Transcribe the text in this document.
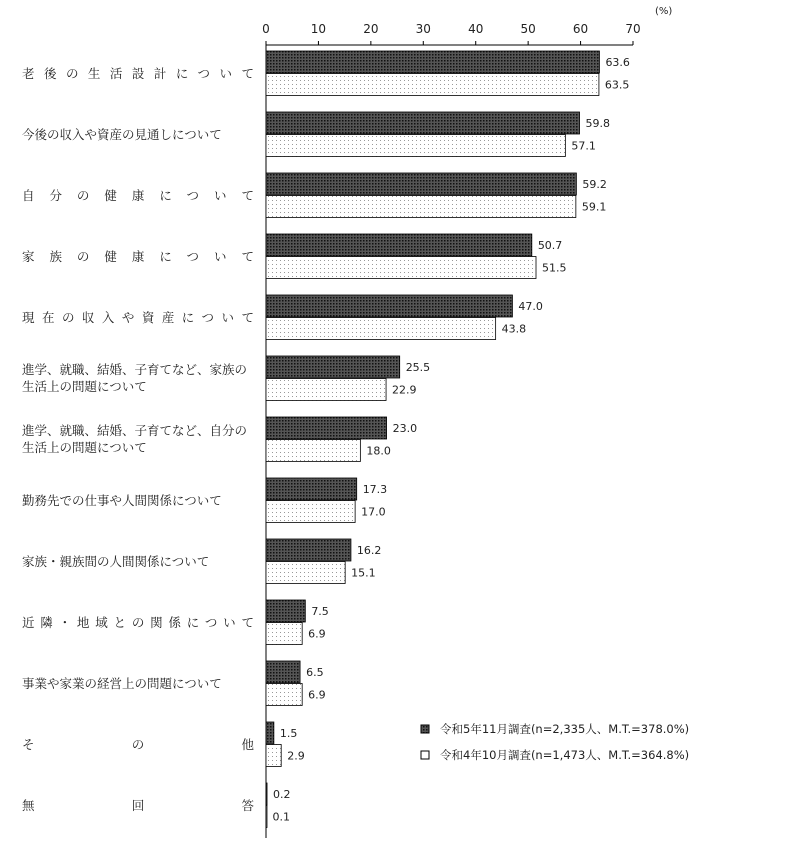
(%)
0	10	20	30	40	50	60	70
63.6
63.5
59.8
57.1
59.2
59.1
50.7
51.5
47.0
43.8
25.5
22.9
23.0
18.0
17.3
17.0
16.2
15.1
7.5
6.9
6.5
6.9
1.5
2.9
0.2
0.1
令和5年11月調査(n=2,335人、M.T.=378.0%)
令和4年10月調査(n=1,473人、M.T.=364.8%)
老後の生活設計について
今後の収入や資産の見通しについて
自分の健康について
家族の健康について
現在の収入や資産について
進学、就職、結婚、子育てなど、家族の
生活上の問題について
進学、就職、結婚、子育てなど、自分の
生活上の問題について
勤務先での仕事や人間関係について
家族・親族間の人間関係について
近隣・地域との関係について
事業や家業の経営上の問題について
その他
無回答
